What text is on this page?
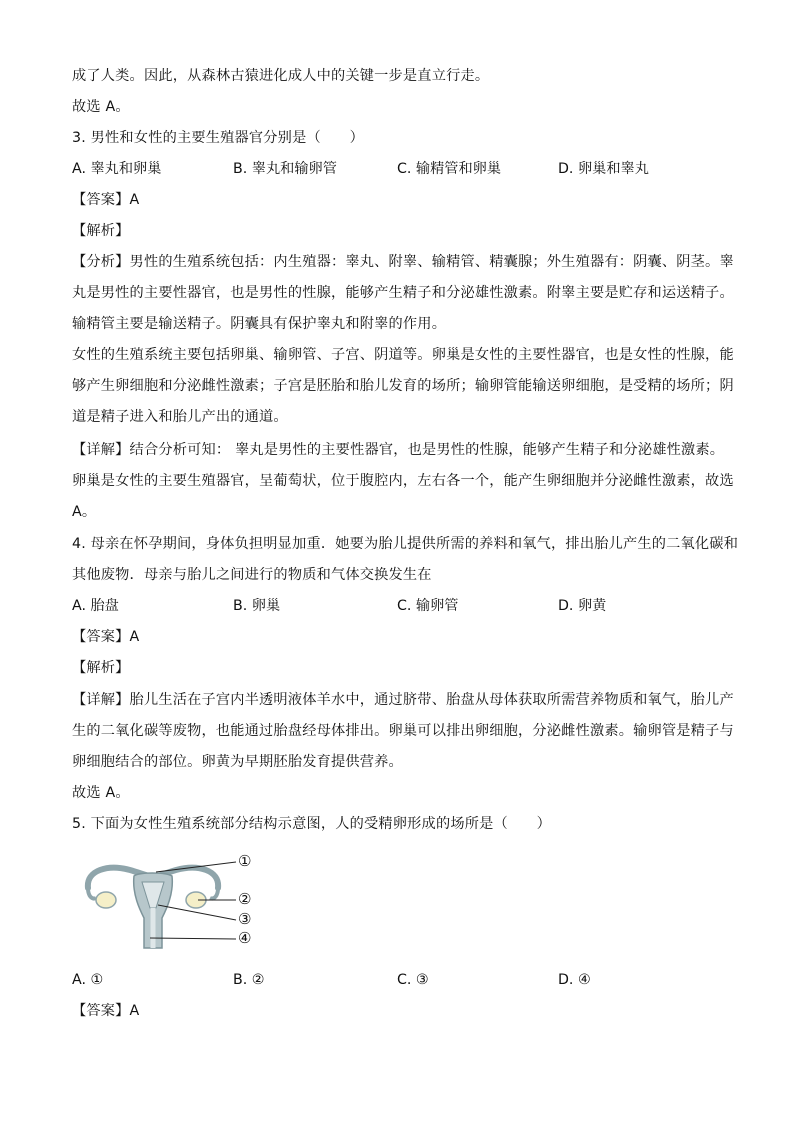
成了人类。因此，从森林古猿进化成人中的关键一步是直立行走。
故选 A。
3. 男性和女性的主要生殖器官分别是（　　）
A. 睾丸和卵巢	B. 睾丸和输卵管	C. 输精管和卵巢	D. 卵巢和睾丸
【答案】A
【解析】
【分析】男性的生殖系统包括：内生殖器：睾丸、附睾、输精管、精囊腺；外生殖器有：阴囊、阴茎。睾
丸是男性的主要性器官，也是男性的性腺，能够产生精子和分泌雄性激素。附睾主要是贮存和运送精子。
输精管主要是输送精子。阴囊具有保护睾丸和附睾的作用。
女性的生殖系统主要包括卵巢、输卵管、子宫、阴道等。卵巢是女性的主要性器官，也是女性的性腺，能
够产生卵细胞和分泌雌性激素；子宫是胚胎和胎儿发育的场所；输卵管能输送卵细胞，是受精的场所；阴
道是精子进入和胎儿产出的通道。
【详解】结合分析可知： 睾丸是男性的主要性器官，也是男性的性腺，能够产生精子和分泌雄性激素。
卵巢是女性的主要生殖器官，呈葡萄状，位于腹腔内，左右各一个，能产生卵细胞并分泌雌性激素，故选
A。
4. 母亲在怀孕期间，身体负担明显加重．她要为胎儿提供所需的养料和氧气，排出胎儿产生的二氧化碳和
其他废物．母亲与胎儿之间进行的物质和气体交换发生在
A. 胎盘	B. 卵巢	C. 输卵管	D. 卵黄
【答案】A
【解析】
【详解】胎儿生活在子宫内半透明液体羊水中，通过脐带、胎盘从母体获取所需营养物质和氧气，胎儿产
生的二氧化碳等废物，也能通过胎盘经母体排出。卵巢可以排出卵细胞，分泌雌性激素。输卵管是精子与
卵细胞结合的部位。卵黄为早期胚胎发育提供营养。
故选 A。
5. 下面为女性生殖系统部分结构示意图，人的受精卵形成的场所是（　　）
①
②
③
④
A. ①	B. ②	C. ③	D. ④
【答案】A
